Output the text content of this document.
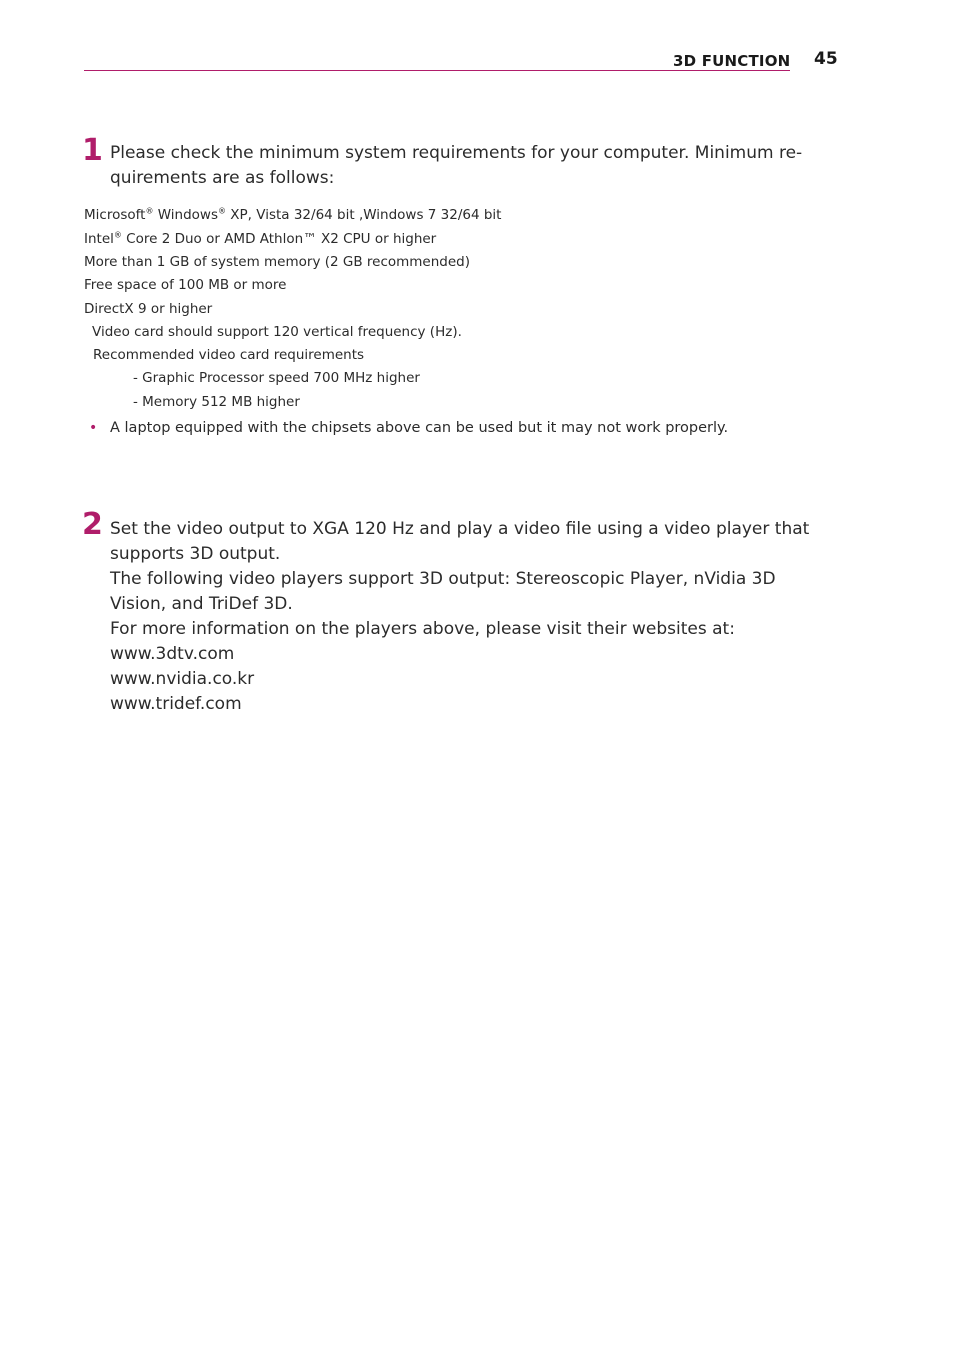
3D FUNCTION 45
1 Please check the minimum system requirements for your computer. Minimum re-

quirements are as follows:

Microsoft® Windows® XP, Vista 32/64 bit ,Windows 7 32/64 bit
Intel® Core 2 Duo or AMD Athlon™ X2 CPU or higher
More than 1 GB of system memory (2 GB recommended)
Free space of 100 MB or more
DirectX 9 or higher
Video card should support 120 vertical frequency (Hz).
Recommended video card requirements
- Graphic Processor speed 700 MHz higher
- Memory 512 MB higher
• A laptop equipped with the chipsets above can be used but it may not work properly.
2 Set the video output to XGA 120 Hz and play a video file using a video player that

supports 3D output.

The following video players support 3D output: Stereoscopic Player, nVidia 3D

Vision, and TriDef 3D.

For more information on the players above, please visit their websites at:

www.3dtv.com

www.nvidia.co.kr

www.tridef.com
